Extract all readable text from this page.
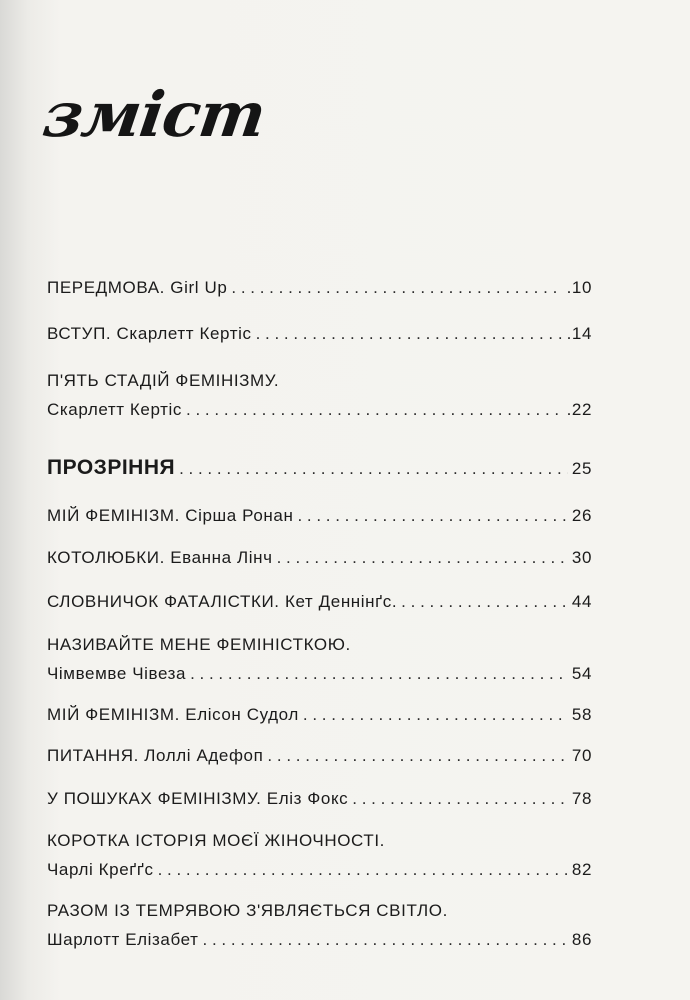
зміст
ПЕРЕДМОВА. Girl Up . . .	.10
ВСТУП. Скарлетт Кертіс . . .	.14
П'ЯТЬ СТАДІЙ ФЕМІНІЗМУ.
Скарлетт Кертіс . . .	.22
ПРОЗРІННЯ . . .	25
МІЙ ФЕМІНІЗМ. Сірша Ронан . . .	26
КОТОЛЮБКИ. Еванна Лінч . . .	30
СЛОВНИЧОК ФАТАЛІСТКИ. Кет Деннінґс. . . .	44
НАЗИВАЙТЕ МЕНЕ ФЕМІНІСТКОЮ.
Чімвемве Чівеза . . .	54
МІЙ ФЕМІНІЗМ. Елісон Судол . . .	58
ПИТАННЯ. Лоллі Адефоп . . .	70
У ПОШУКАХ ФЕМІНІЗМУ. Еліз Фокс . . .	78
КОРОТКА ІСТОРІЯ МОЄЇ ЖІНОЧНОСТІ.
Чарлі Креґґс . . .	82
РАЗОМ ІЗ ТЕМРЯВОЮ З'ЯВЛЯЄТЬСЯ СВІТЛО.
Шарлотт Елізабет . . .	86
